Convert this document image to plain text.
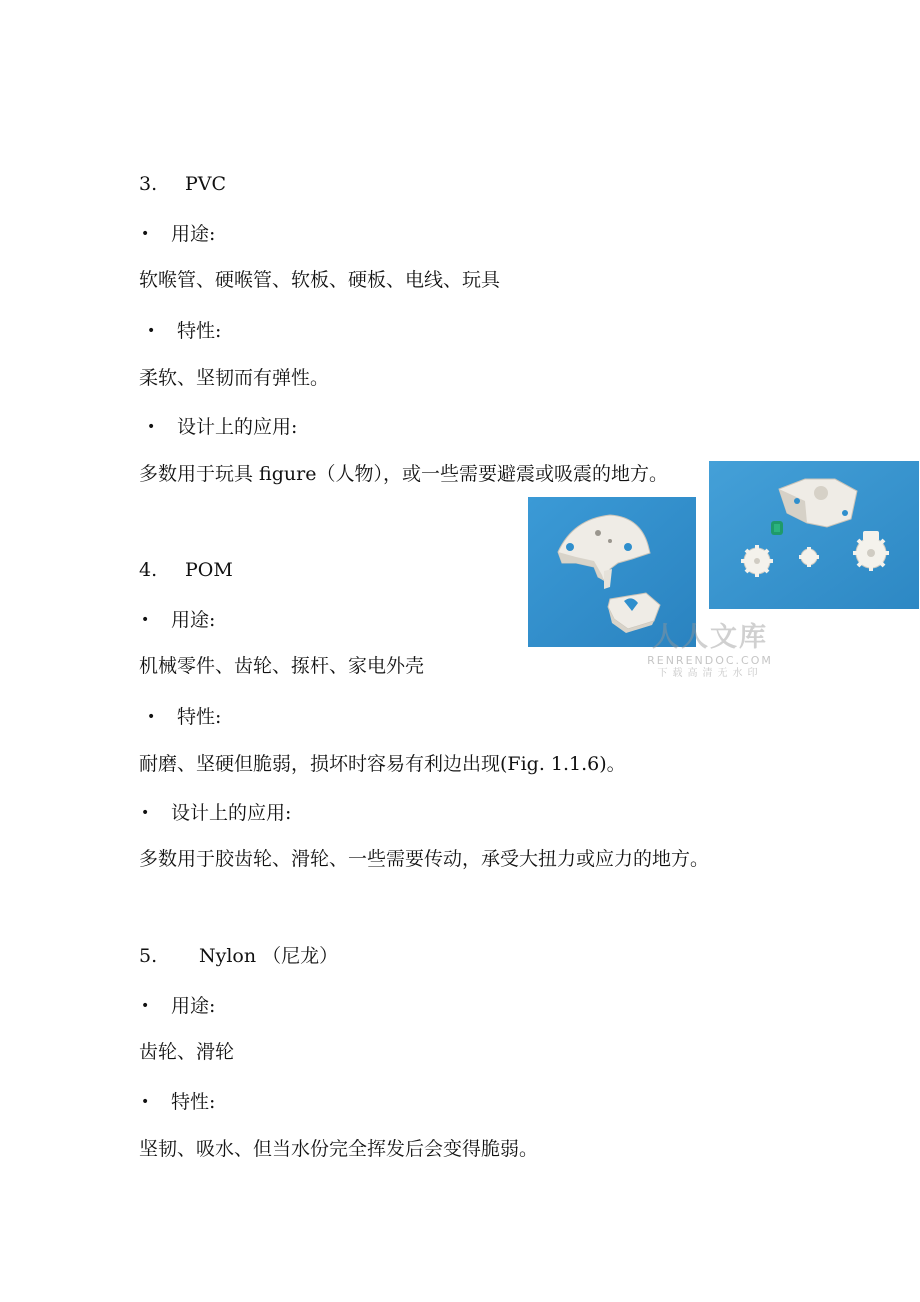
3. PVC
• 用途:
软喉管、硬喉管、软板、硬板、电线、玩具
• 特性:
柔软、坚韧而有弹性。
• 设计上的应用:
多数用于玩具 figure（人物），或一些需要避震或吸震的地方。
4. POM
• 用途:
机械零件、齿轮、揼杆、家电外壳
• 特性:
耐磨、坚硬但脆弱，损坏时容易有利边出现(Fig. 1.1.6)。
• 设计上的应用:
多数用于胶齿轮、滑轮、一些需要传动，承受大扭力或应力的地方。
5. Nylon （尼龙）
• 用途:
齿轮、滑轮
• 特性:
坚韧、吸水、但当水份完全挥发后会变得脆弱。
人人文库
RENRENDOC.COM
下载高清无水印
